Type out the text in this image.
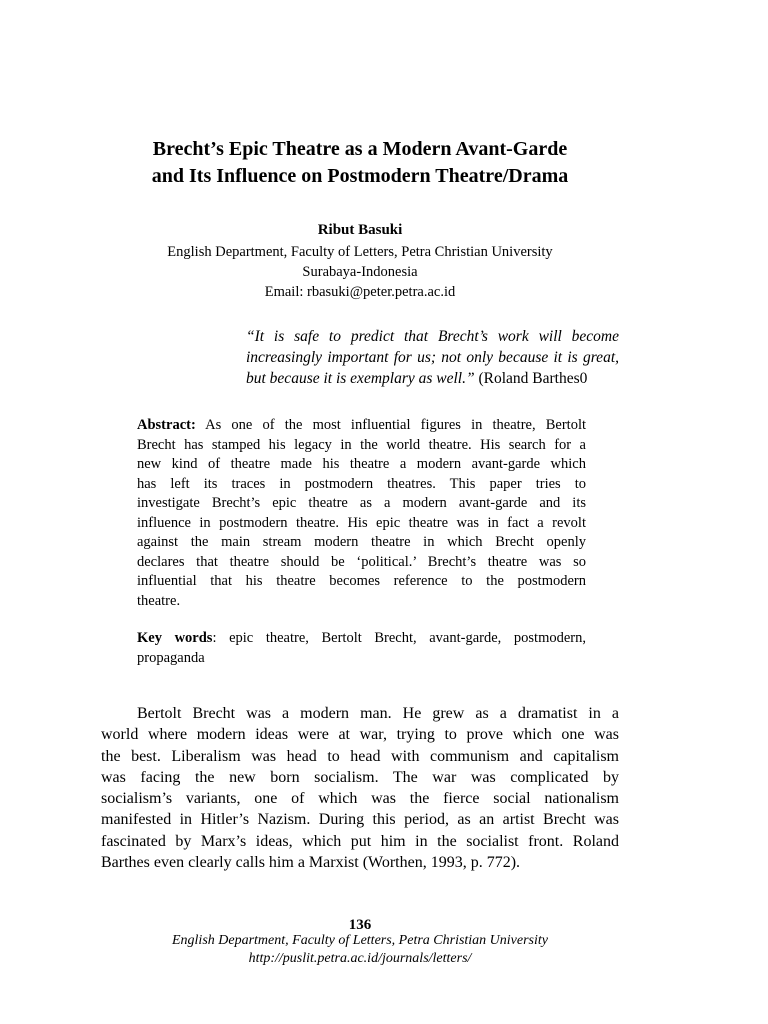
Brecht’s Epic Theatre as a Modern Avant-Garde
and Its Influence on Postmodern Theatre/Drama
Ribut Basuki
English Department, Faculty of Letters, Petra Christian University
Surabaya-Indonesia
Email: rbasuki@peter.petra.ac.id
“It is safe to predict that Brecht’s work will become
increasingly important for us; not only because it is great,
but because it is exemplary as well.” (Roland Barthes0
Abstract: As one of the most influential figures in theatre, Bertolt
Brecht has stamped his legacy in the world theatre. His search for a
new kind of theatre made his theatre a modern avant-garde which
has left its traces in postmodern theatres. This paper tries to
investigate Brecht’s epic theatre as a modern avant-garde and its
influence in postmodern theatre. His epic theatre was in fact a revolt
against the main stream modern theatre in which Brecht openly
declares that theatre should be ‘political.’ Brecht’s theatre was so
influential that his theatre becomes reference to the postmodern
theatre.
Key words: epic theatre, Bertolt Brecht, avant-garde, postmodern,
propaganda
Bertolt Brecht was a modern man. He grew as a dramatist in a
world where modern ideas were at war, trying to prove which one was
the best. Liberalism was head to head with communism and capitalism
was facing the new born socialism. The war was complicated by
socialism’s variants, one of which was the fierce social nationalism
manifested in Hitler’s Nazism. During this period, as an artist Brecht was
fascinated by Marx’s ideas, which put him in the socialist front. Roland
Barthes even clearly calls him a Marxist (Worthen, 1993, p. 772).
136
English Department, Faculty of Letters, Petra Christian University
http://puslit.petra.ac.id/journals/letters/
